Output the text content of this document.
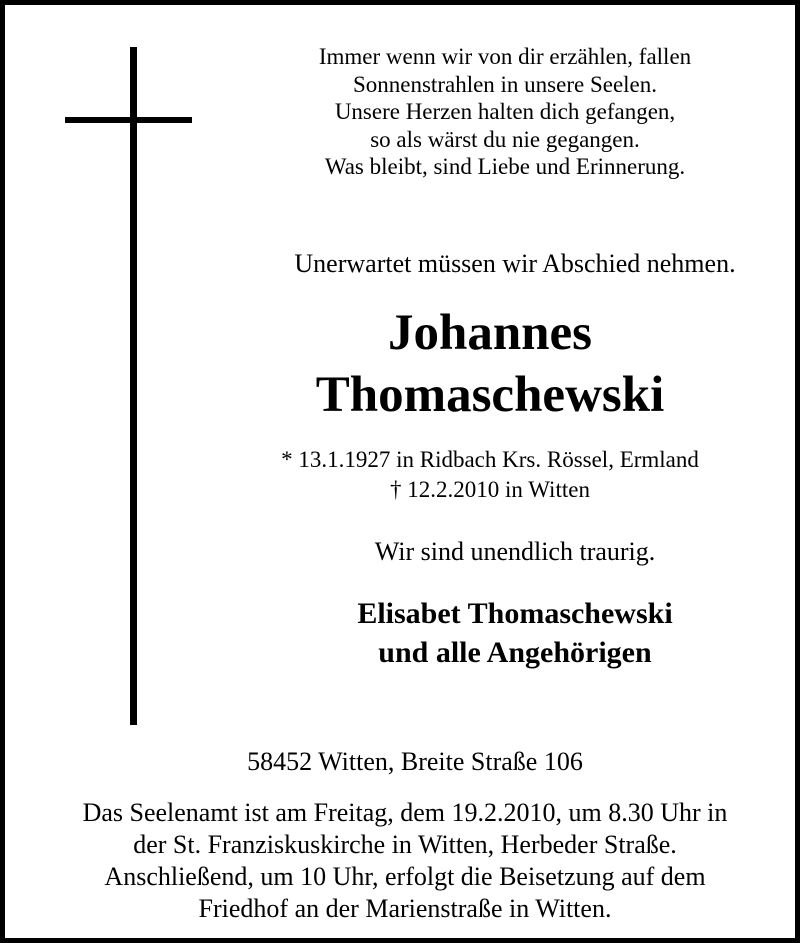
Immer wenn wir von dir erzählen, fallen
Sonnenstrahlen in unsere Seelen.
Unsere Herzen halten dich gefangen,
so als wärst du nie gegangen.
Was bleibt, sind Liebe und Erinnerung.
Unerwartet müssen wir Abschied nehmen.
Johannes
Thomaschewski
* 13.1.1927 in Ridbach Krs. Rössel, Ermland
† 12.2.2010 in Witten
Wir sind unendlich traurig.
Elisabet Thomaschewski
und alle Angehörigen
58452 Witten, Breite Straße 106
Das Seelenamt ist am Freitag, dem 19.2.2010, um 8.30 Uhr in
der St. Franziskuskirche in Witten, Herbeder Straße.
Anschließend, um 10 Uhr, erfolgt die Beisetzung auf dem
Friedhof an der Marienstraße in Witten.
